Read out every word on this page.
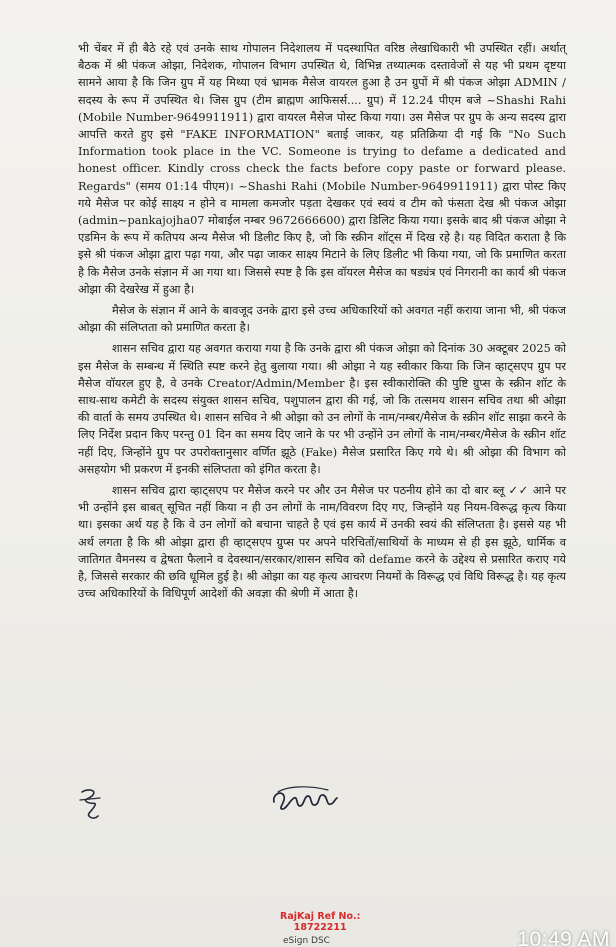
भी चेंबर में ही बैठे रहे एवं उनके साथ गोपालन निदेशालय में पदस्थापित वरिष्ठ लेखाधिकारी भी उपस्थित रहीं। अर्थात् बैठक में श्री पंकज ओझा, निदेशक, गोपालन विभाग उपस्थित थे, विभिन्न तथ्यात्मक दस्तावेजों से यह भी प्रथम दृष्टया सामने आया है कि जिन ग्रुप में यह मिथ्या एवं भ्रामक मैसेज वायरल हुआ है उन ग्रुपों में श्री पंकज ओझा ADMIN / सदस्य के रूप में उपस्थित थे। जिस ग्रुप (टीम ब्राह्मण आफिसर्स.... ग्रुप) में 12.24 पीएम बजे ~Shashi Rahi (Mobile Number-9649911911) द्वारा वायरल मैसेज पोस्ट किया गया। उस मैसेज पर ग्रुप के अन्य सदस्य द्वारा आपत्ति करते हुए इसे "FAKE INFORMATION" बताई जाकर, यह प्रतिक्रिया दी गई कि "No Such Information took place in the VC. Someone is trying to defame a dedicated and honest officer. Kindly cross check the facts before copy paste or forward please. Regards" (समय 01:14 पीएम)। ~Shashi Rahi (Mobile Number-9649911911) द्वारा पोस्ट किए गये मैसेज पर कोई साक्ष्य न होने व मामला कमजोर पड़ता देखकर एवं स्वयं व टीम को फंसता देख श्री पंकज ओझा (admin~pankajojha07 मोबाईल नम्बर 9672666600) द्वारा डिलिट किया गया। इसके बाद श्री पंकज ओझा ने एडमिन के रूप में कतिपय अन्य मैसेज भी डिलीट किए है, जो कि स्क्रीन शॉट्स में दिख रहे है। यह विदित कराता है कि इसे श्री पंकज ओझा द्वारा पढ़ा गया, और पढ़ा जाकर साक्ष्य मिटाने के लिए डिलीट भी किया गया, जो कि प्रमाणित करता है कि मैसेज उनके संज्ञान में आ गया था। जिससे स्पष्ट है कि इस वॉयरल मैसेज का षड्यंत्र एवं निगरानी का कार्य श्री पंकज ओझा की देखरेख में हुआ है।

मैसेज के संज्ञान में आने के बावजूद उनके द्वारा इसे उच्च अधिकारियों को अवगत नहीं कराया जाना भी, श्री पंकज ओझा की संलिप्तता को प्रमाणित करता है।

शासन सचिव द्वारा यह अवगत कराया गया है कि उनके द्वारा श्री पंकज ओझा को दिनांक 30 अक्टूबर 2025 को इस मैसेज के सम्बन्ध में स्थिति स्पष्ट करने हेतु बुलाया गया। श्री ओझा ने यह स्वीकार किया कि जिन व्हाट्सएप ग्रुप पर मैसेज वॉयरल हुए है, वे उनके Creator/Admin/Member है। इस स्वीकारोक्ति की पुष्टि ग्रुप्स के स्क्रीन शॉट के साथ-साथ कमेटी के सदस्य संयुक्त शासन सचिव, पशुपालन द्वारा की गई, जो कि तत्समय शासन सचिव तथा श्री ओझा की वार्ता के समय उपस्थित थे। शासन सचिव ने श्री ओझा को उन लोगों के नाम/नम्बर/मैसेज के स्क्रीन शॉट साझा करने के लिए निर्देश प्रदान किए परन्तु 01 दिन का समय दिए जाने के पर भी उन्होंने उन लोगों के नाम/नम्बर/मैसेज के स्क्रीन शॉट नहीं दिए, जिन्होंने ग्रुप पर उपरोक्तानुसार वर्णित झूठे (Fake) मैसेज प्रसारित किए गये थे। श्री ओझा की विभाग को असहयोग भी प्रकरण में इनकी संलिप्तता को इंगित करता है।

शासन सचिव द्वारा व्हाट्सएप पर मैसेज करने पर और उन मैसेज पर पठनीय होने का दो बार ब्लू ✓✓ आने पर भी उन्होंने इस बाबत् सूचित नहीं किया न ही उन लोगों के नाम/विवरण दिए गए, जिन्होंने यह नियम-विरूद्ध कृत्य किया था। इसका अर्थ यह है कि वे उन लोगों को बचाना चाहते है एवं इस कार्य में उनकी स्वयं की संलिप्तता है। इससे यह भी अर्थ लगता है कि श्री ओझा द्वारा ही व्हाट्सएप ग्रुप्स पर अपने परिचितों/साथियों के माध्यम से ही इस झूठे, धार्मिक व जातिगत वैमनस्य व द्वेषता फैलाने व देवस्थान/सरकार/शासन सचिव को defame करने के उद्देश्य से प्रसारित कराए गये है, जिससे सरकार की छवि धूमिल हुई है। श्री ओझा का यह कृत्य आचरण नियमों के विरूद्ध एवं विधि विरूद्ध है। यह कृत्य उच्च अधिकारियों के विधिपूर्ण आदेशों की अवज्ञा की श्रेणी में आता है।

RajKaj Ref No.:
18722211
eSign DSC	10:49 AM
